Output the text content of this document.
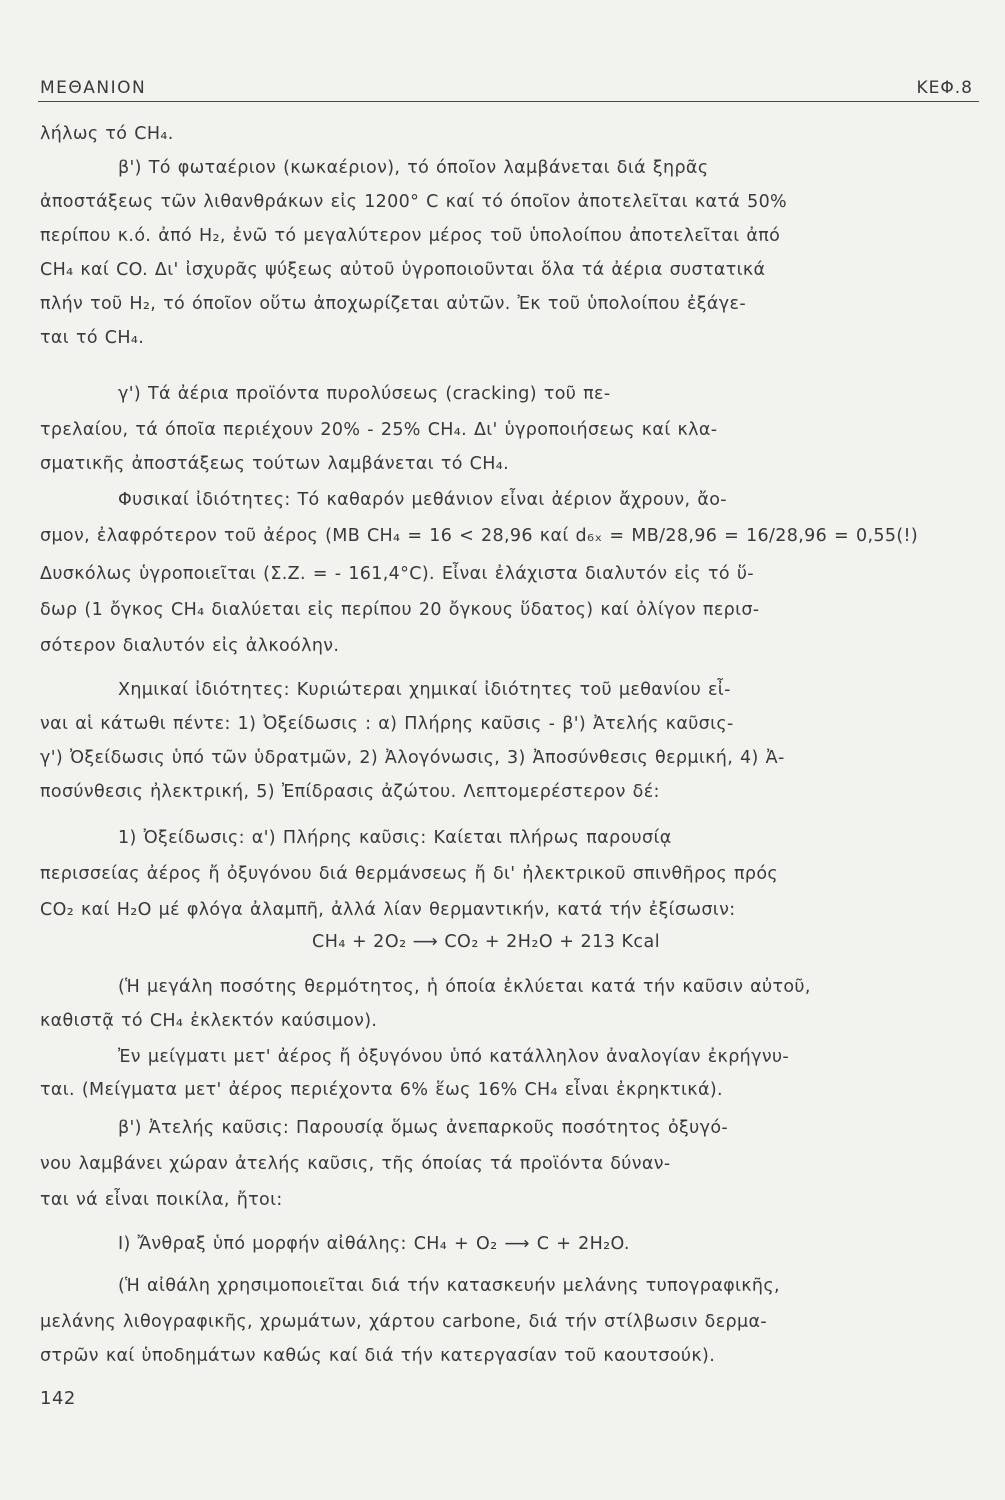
ΜΕΘΑΝΙΟΝ	ΚΕΦ.8
λήλως τό CH₄.
β') Τό φωταέριον (κωκαέριον), τό όποῖον λαμβάνεται διά ξηρᾶς
ἀποστάξεως τῶν λιθανθράκων εἰς 1200° C καί τό όποῖον ἀποτελεῖται κατά 50%
περίπου κ.ό. ἀπό H₂, ἐνῶ τό μεγαλύτερον μέρος τοῦ ὑπολοίπου ἀποτελεῖται ἀπό
CH₄ καί CO. Δι' ἰσχυρᾶς ψύξεως αὐτοῦ ὑγροποιοῦνται ὅλα τά ἀέρια συστατικά
πλήν τοῦ H₂, τό όποῖον οὕτω ἀποχωρίζεται αὐτῶν. Ἐκ τοῦ ὑπολοίπου ἐξάγε-
ται τό CH₄.
γ') Τά ἀέρια προϊόντα πυρολύσεως (cracking) τοῦ πε-
τρελαίου, τά όποῖα περιέχουν 20% - 25% CH₄. Δι' ὑγροποιήσεως καί κλα-
σματικῆς ἀποστάξεως τούτων λαμβάνεται τό CH₄.
Φυσικαί ἰδιότητες: Τό καθαρόν μεθάνιον εἶναι ἀέριον ἄχρουν, ἄο-
σμον, ἐλαφρότερον τοῦ ἀέρος (ΜΒ CH₄ = 16 < 28,96 καί d₆ₓ = ΜΒ/28,96 = 16/28,96 = 0,55(!)
Δυσκόλως ὑγροποιεῖται (Σ.Ζ. = - 161,4°C). Εἶναι ἐλάχιστα διαλυτόν εἰς τό ὕ-
δωρ (1 ὄγκος CH₄ διαλύεται εἰς περίπου 20 ὄγκους ὕδατος) καί ὀλίγον περισ-
σότερον διαλυτόν εἰς ἀλκοόλην.
Χημικαί ἰδιότητες: Κυριώτεραι χημικαί ἰδιότητες τοῦ μεθανίου εἶ-
ναι αἱ κάτωθι πέντε: 1) Ὀξείδωσις : α) Πλήρης καῦσις - β') Ἀτελής καῦσις-
γ') Ὀξείδωσις ὑπό τῶν ὑδρατμῶν, 2) Ἀλογόνωσις, 3) Ἀποσύνθεσις θερμική, 4) Ἀ-
ποσύνθεσις ἠλεκτρική, 5) Ἐπίδρασις ἀζώτου. Λεπτομερέστερον δέ:
1) Ὀξείδωσις: α') Πλήρης καῦσις: Καίεται πλήρως παρουσίᾳ
περισσείας ἀέρος ἤ ὀξυγόνου διά θερμάνσεως ἤ δι' ἠλεκτρικοῦ σπινθῆρος πρός
CO₂ καί H₂O μέ φλόγα ἀλαμπῆ, ἀλλά λίαν θερμαντικήν, κατά τήν ἐξίσωσιν:
CH₄ + 2O₂ ⟶ CO₂ + 2H₂O + 213 Kcal
(Ἡ μεγάλη ποσότης θερμότητος, ἡ όποία ἐκλύεται κατά τήν καῦσιν αὐτοῦ,
καθιστᾷ τό CH₄ ἐκλεκτόν καύσιμον).
Ἐν μείγματι μετ' ἀέρος ἤ ὀξυγόνου ὑπό κατάλληλον ἀναλογίαν ἐκρήγνυ-
ται. (Μείγματα μετ' ἀέρος περιέχοντα 6% ἕως 16% CH₄ εἶναι ἐκρηκτικά).
β') Ἀτελής καῦσις: Παρουσίᾳ ὅμως ἀνεπαρκοῦς ποσότητος ὀξυγό-
νου λαμβάνει χώραν ἀτελής καῦσις, τῆς όποίας τά προϊόντα δύναν-
ται νά εἶναι ποικίλα, ἤτοι:
I) Ἄνθραξ ὑπό μορφήν αἰθάλης: CH₄ + O₂ ⟶ C + 2H₂O.
(Ἡ αἰθάλη χρησιμοποιεῖται διά τήν κατασκευήν μελάνης τυπογραφικῆς,
μελάνης λιθογραφικῆς, χρωμάτων, χάρτου carbone, διά τήν στίλβωσιν δερμα-
στρῶν καί ὑποδημάτων καθώς καί διά τήν κατεργασίαν τοῦ καουτσούκ).
142
